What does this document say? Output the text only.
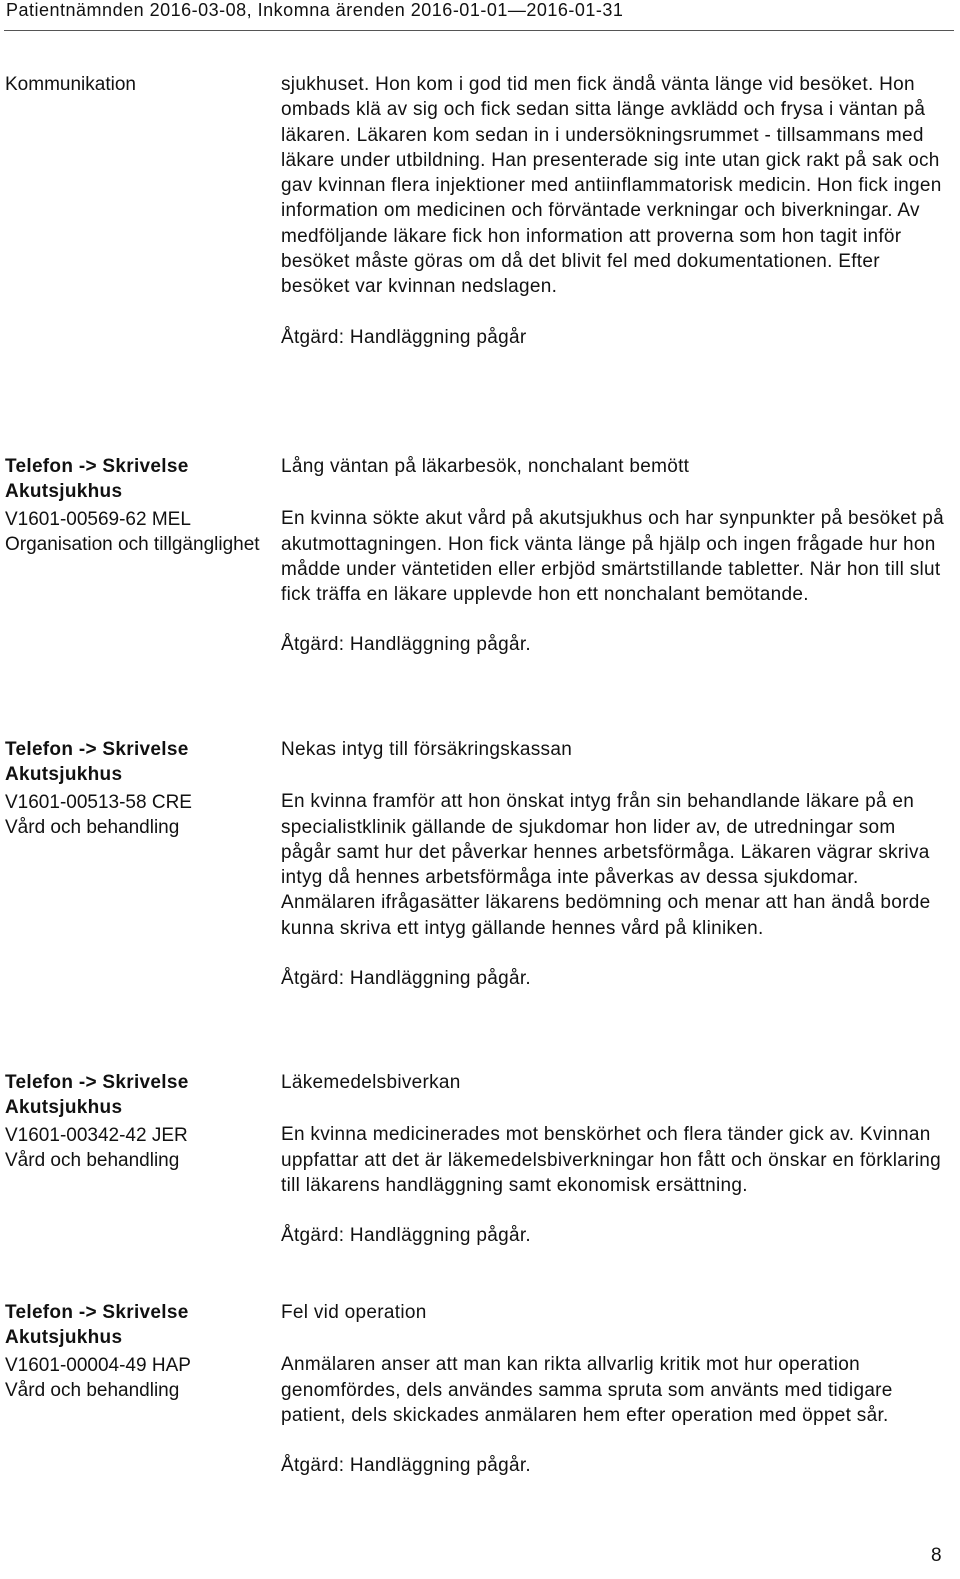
Patientnämnden 2016-03-08, Inkomna ärenden 2016-01-01—2016-01-31
Kommunikation	sjukhuset. Hon kom i god tid men fick ändå vänta länge vid besöket. Hon ombads klä av sig och fick sedan sitta länge avklädd och frysa i väntan på läkaren. Läkaren kom sedan in i undersökningsrummet - tillsammans med läkare under utbildning. Han presenterade sig inte utan gick rakt på sak och gav kvinnan flera injektioner med antiinflammatorisk medicin. Hon fick ingen information om medicinen och förväntade verkningar och biverkningar. Av medföljande läkare fick hon information att proverna som hon tagit inför besöket måste göras om då det blivit fel med dokumentationen. Efter besöket var kvinnan nedslagen.

Åtgärd: Handläggning pågår

Telefon -> Skrivelse
Akutsjukhus
V1601-00569-62 MEL
Organisation och tillgänglighet

Lång väntan på läkarbesök, nonchalant bemött

En kvinna sökte akut vård på akutsjukhus och har synpunkter på besöket på akutmottagningen. Hon fick vänta länge på hjälp och ingen frågade hur hon mådde under väntetiden eller erbjöd smärtstillande tabletter. När hon till slut fick träffa en läkare upplevde hon ett nonchalant bemötande.

Åtgärd: Handläggning pågår.

Telefon -> Skrivelse
Akutsjukhus
V1601-00513-58 CRE
Vård och behandling

Nekas intyg till försäkringskassan

En kvinna framför att hon önskat intyg från sin behandlande läkare på en specialistklinik gällande de sjukdomar hon lider av, de utredningar som pågår samt hur det påverkar hennes arbetsförmåga. Läkaren vägrar skriva intyg då hennes arbetsförmåga inte påverkas av dessa sjukdomar. Anmälaren ifrågasätter läkarens bedömning och menar att han ändå borde kunna skriva ett intyg gällande hennes vård på kliniken.

Åtgärd: Handläggning pågår.

Telefon -> Skrivelse
Akutsjukhus
V1601-00342-42 JER
Vård och behandling

Läkemedelsbiverkan

En kvinna medicinerades mot benskörhet och flera tänder gick av. Kvinnan uppfattar att det är läkemedelsbiverkningar hon fått och önskar en förklaring till läkarens handläggning samt ekonomisk ersättning.

Åtgärd: Handläggning pågår.

Telefon -> Skrivelse
Akutsjukhus
V1601-00004-49 HAP
Vård och behandling

Fel vid operation

Anmälaren anser att man kan rikta allvarlig kritik mot hur operation genomfördes, dels användes samma spruta som använts med tidigare patient, dels skickades anmälaren hem efter operation med öppet sår.

Åtgärd: Handläggning pågår.

8
